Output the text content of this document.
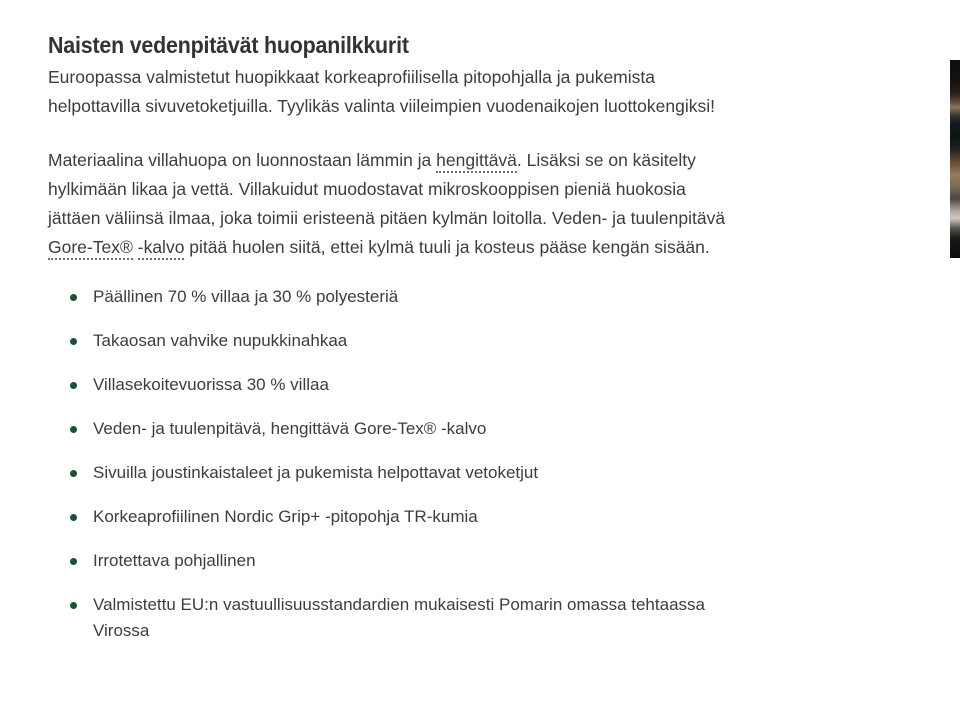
Naisten vedenpitävät huopanilkkurit

Euroopassa valmistetut huopikkaat korkeaprofiilisella pitopohjalla ja pukemista helpottavilla sivuvetoketjuilla. Tyylikäs valinta viileimpien vuodenaikojen luottokengiksi!

Materiaalina villahuopa on luonnostaan lämmin ja hengittävä. Lisäksi se on käsitelty hylkimään likaa ja vettä. Villakuidut muodostavat mikroskooppisen pieniä huokosia jättäen väliinsä ilmaa, joka toimii eristeenä pitäen kylmän loitolla. Veden- ja tuulenpitävä Gore-Tex® -kalvo pitää huolen siitä, ettei kylmä tuuli ja kosteus pääse kengän sisään.

Päällinen 70 % villaa ja 30 % polyesteriä
Takaosan vahvike nupukkinahkaa
Villasekoitevuorissa 30 % villaa
Veden- ja tuulenpitävä, hengittävä Gore-Tex® -kalvo
Sivuilla joustinkaistaleet ja pukemista helpottavat vetoketjut
Korkeaprofiilinen Nordic Grip+ -pitopohja TR-kumia
Irrotettava pohjallinen
Valmistettu EU:n vastuullisuusstandardien mukaisesti Pomarin omassa tehtaassa Virossa
